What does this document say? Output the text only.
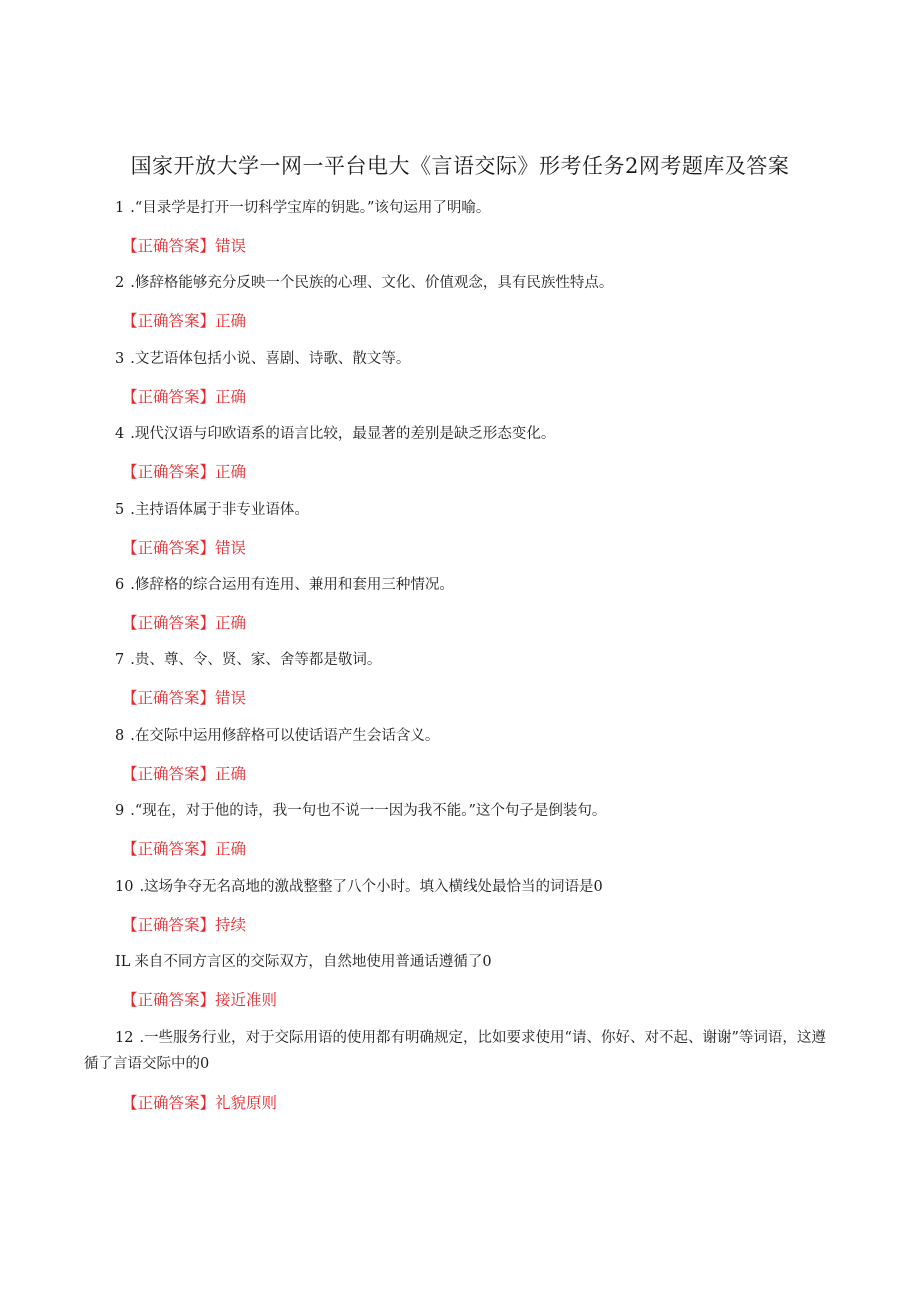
国家开放大学一网一平台电大《言语交际》形考任务2网考题库及答案

1 .“目录学是打开一切科学宝库的钥匙。”该句运用了明喻。

【正确答案】错误

2 .修辞格能够充分反映一个民族的心理、文化、价值观念，具有民族性特点。

【正确答案】正确

3 .文艺语体包括小说、喜剧、诗歌、散文等。

【正确答案】正确

4 .现代汉语与印欧语系的语言比较，最显著的差别是缺乏形态变化。

【正确答案】正确

5 .主持语体属于非专业语体。

【正确答案】错误

6 .修辞格的综合运用有连用、兼用和套用三种情况。

【正确答案】正确

7 .贵、尊、令、贤、家、舍等都是敬词。

【正确答案】错误

8 .在交际中运用修辞格可以使话语产生会话含义。

【正确答案】正确

9 .“现在，对于他的诗，我一句也不说一一因为我不能。”这个句子是倒装句。

【正确答案】正确

10 .这场争夺无名高地的激战整整了八个小时。填入横线处最恰当的词语是0

【正确答案】持续

IL 来自不同方言区的交际双方，自然地使用普通话遵循了0

【正确答案】接近准则

12 .一些服务行业，对于交际用语的使用都有明确规定，比如要求使用“请、你好、对不起、谢谢”等词语，这遵循了言语交际中的0

【正确答案】礼貌原则
